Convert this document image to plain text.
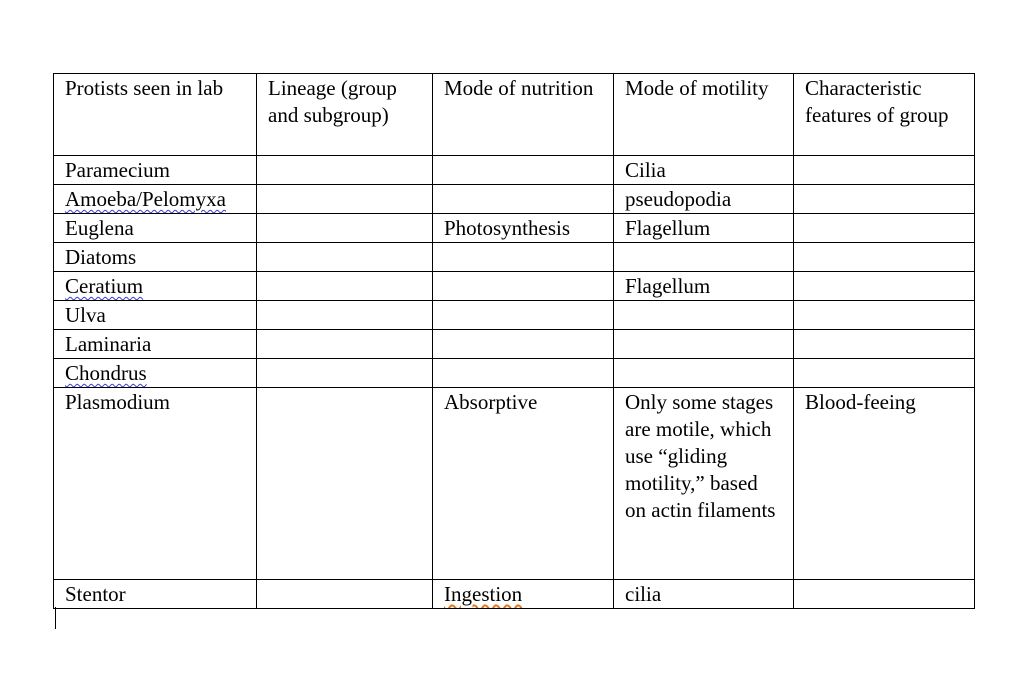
Protists seen in lab	Lineage (group and subgroup)	Mode of nutrition	Mode of motility	Characteristic features of group
Paramecium			Cilia	
Amoeba/Pelomyxa			pseudopodia	
Euglena		Photosynthesis	Flagellum	
Diatoms				
Ceratium			Flagellum	
Ulva				
Laminaria				
Chondrus				
Plasmodium		Absorptive	Only some stages are motile, which use “gliding motility,” based on actin filaments	Blood-feeing
Stentor		Ingestion	cilia	
